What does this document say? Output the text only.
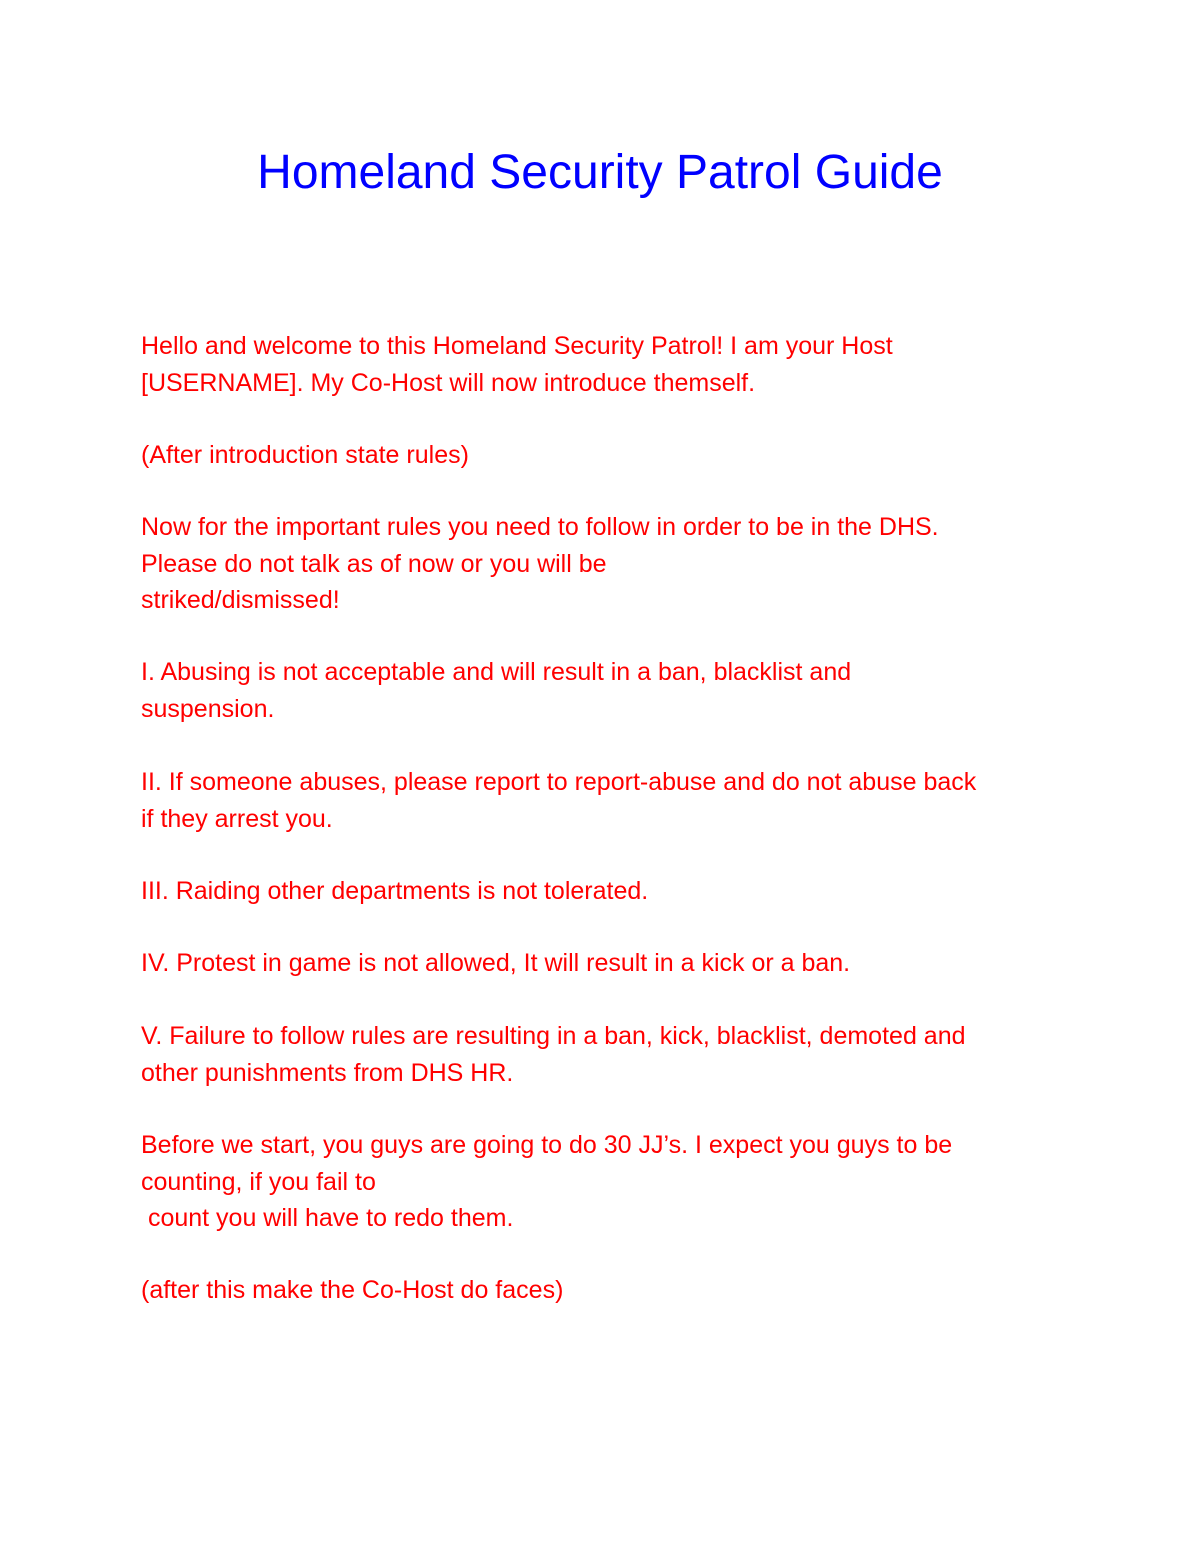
Homeland Security Patrol Guide
Hello and welcome to this Homeland Security Patrol! I am your Host
[USERNAME]. My Co-Host will now introduce themself.
(After introduction state rules)
Now for the important rules you need to follow in order to be in the DHS.
Please do not talk as of now or you will be
striked/dismissed!
I. Abusing is not acceptable and will result in a ban, blacklist and
suspension.
II. If someone abuses, please report to report-abuse and do not abuse back
if they arrest you.
III. Raiding other departments is not tolerated.
IV. Protest in game is not allowed, It will result in a kick or a ban.
V. Failure to follow rules are resulting in a ban, kick, blacklist, demoted and
other punishments from DHS HR.
Before we start, you guys are going to do 30 JJ’s. I expect you guys to be
counting, if you fail to
count you will have to redo them.
(after this make the Co-Host do faces)
